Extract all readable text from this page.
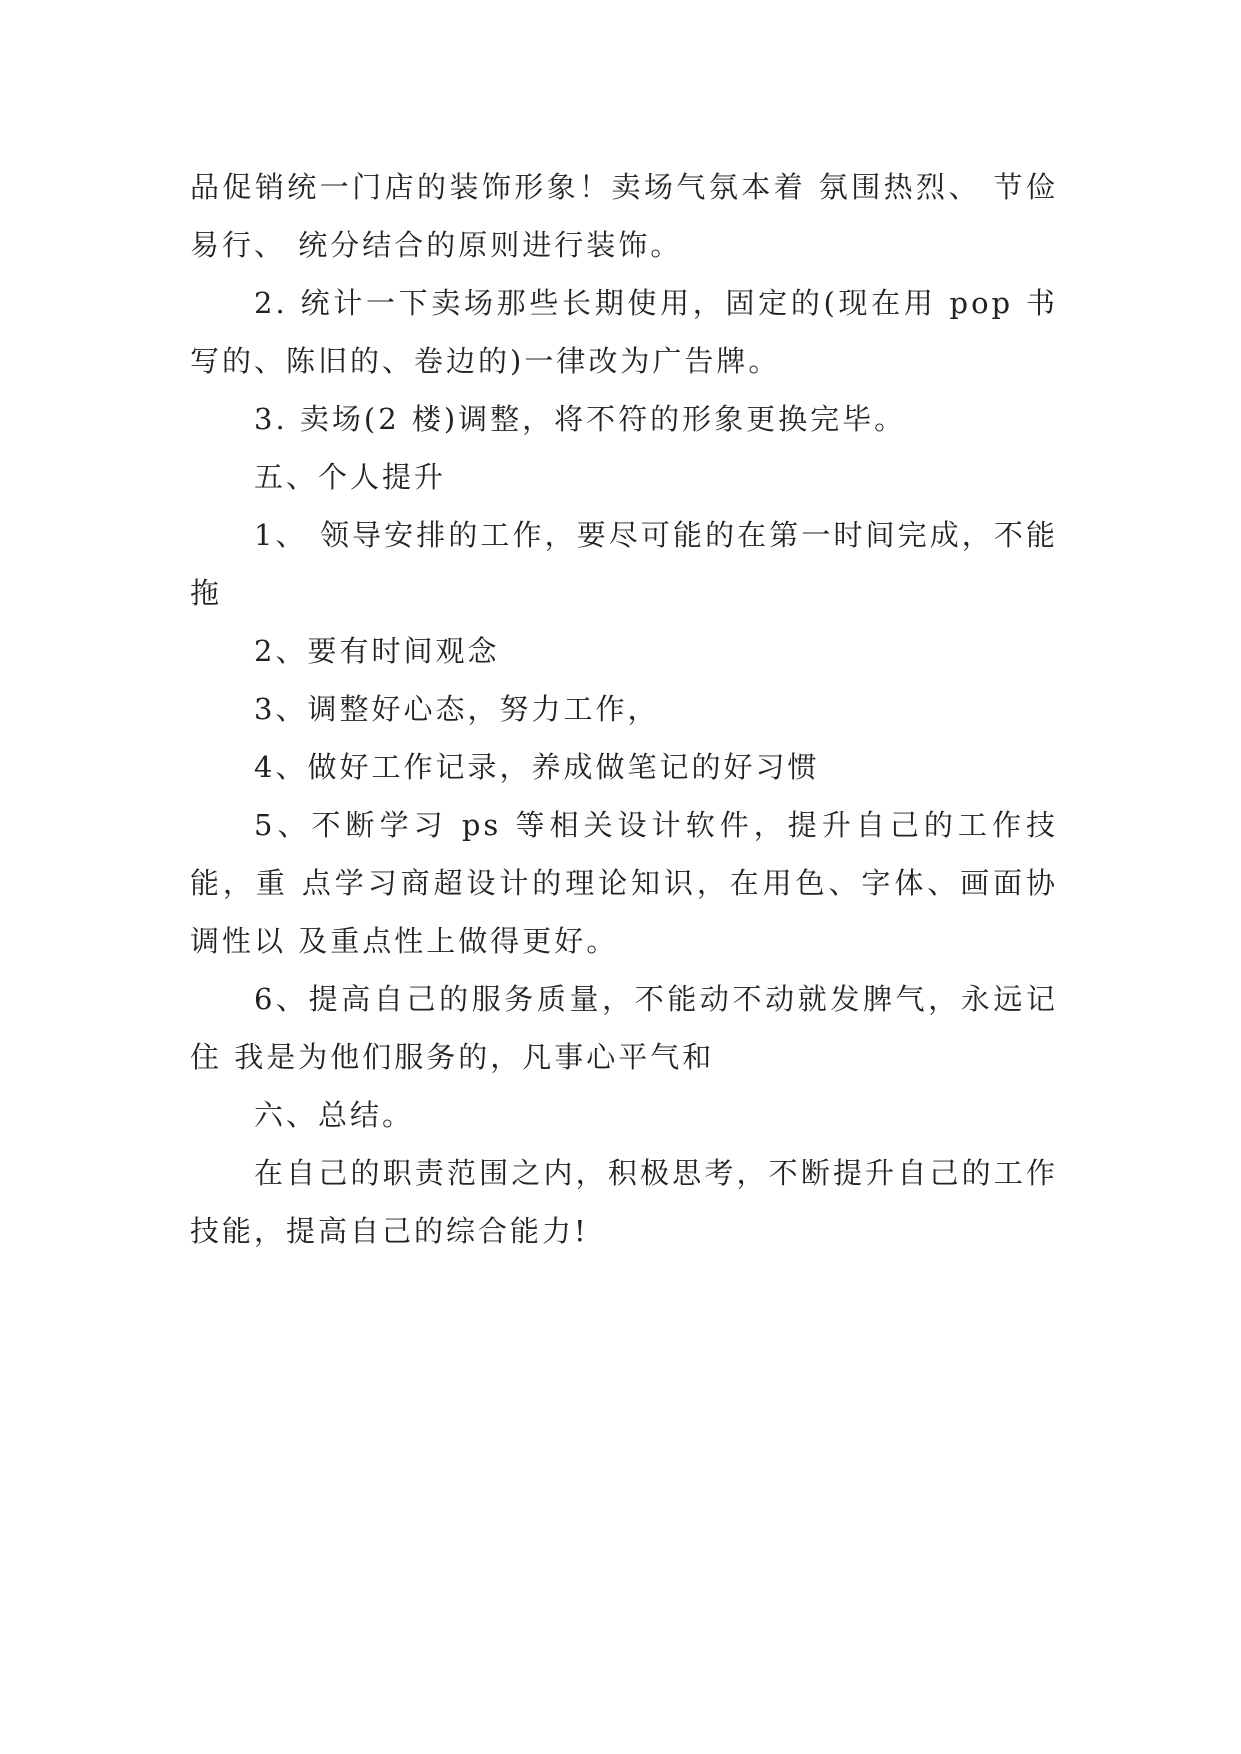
品促销统一门店的装饰形象！卖场气氛本着 氛围热烈、 节俭易行、 统分结合的原则进行装饰。

2. 统计一下卖场那些长期使用，固定的(现在用 pop 书写的、陈旧的、卷边的)一律改为广告牌。

3. 卖场(2 楼)调整，将不符的形象更换完毕。

五、个人提升

1、 领导安排的工作，要尽可能的在第一时间完成，不能拖

2、要有时间观念

3、调整好心态，努力工作，

4、做好工作记录，养成做笔记的好习惯

5、不断学习 ps 等相关设计软件，提升自己的工作技能，重 点学习商超设计的理论知识，在用色、字体、画面协调性以 及重点性上做得更好。

6、提高自己的服务质量，不能动不动就发脾气，永远记住 我是为他们服务的，凡事心平气和

六、总结。

在自己的职责范围之内，积极思考，不断提升自己的工作技能，提高自己的综合能力!
